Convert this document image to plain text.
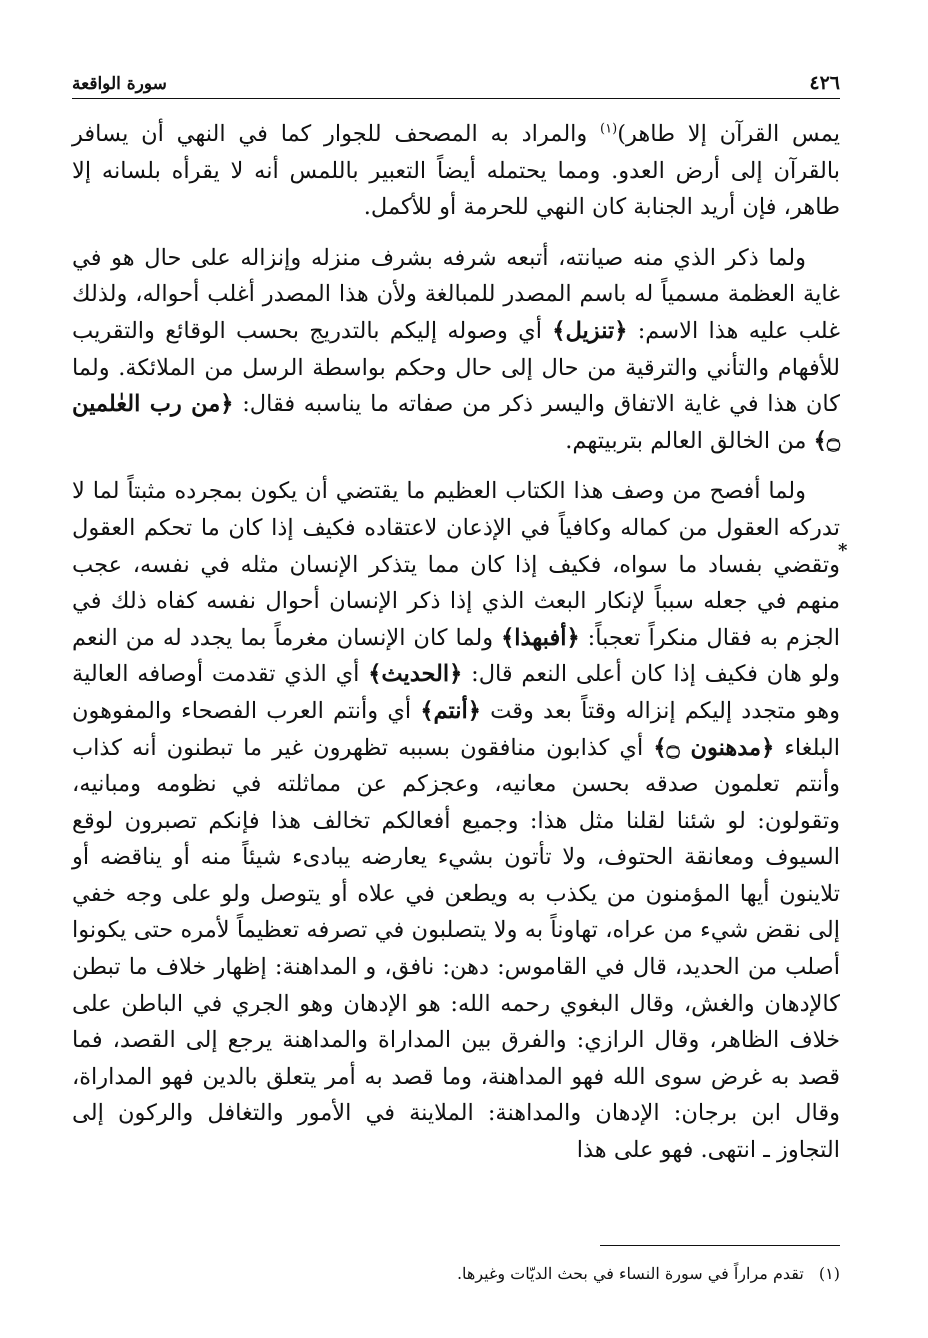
٤٢٦
سورة الواقعة

يمس القرآن إلا طاهر)$^{(١)}$ والمراد به المصحف للجوار كما في النهي أن يسافر بالقرآن إلى أرض العدو. ومما يحتمله أيضاً التعبير باللمس أنه لا يقرأه بلسانه إلا طاهر، فإن أريد الجنابة كان النهي للحرمة أو للأكمل.

ولما ذكر الذي منه صيانته، أتبعه شرفه بشرف منزله وإنزاله على حال هو في غاية العظمة مسمياً له باسم المصدر للمبالغة ولأن هذا المصدر أغلب أحواله، ولذلك غلب عليه هذا الاسم: ﴿تنزيل﴾ أي وصوله إليكم بالتدريج بحسب الوقائع والتقريب للأفهام والتأني والترقية من حال إلى حال وحكم بواسطة الرسل من الملائكة. ولما كان هذا في غاية الاتفاق واليسر ذكر من صفاته ما يناسبه فقال: ﴿من رب العٰلمين ۝﴾ من الخالق العالم بتربيتهم.

ولما أفصح من وصف هذا الكتاب العظيم ما يقتضي أن يكون بمجرده مثبتاً لما لا تدركه العقول من كماله وكافياً في الإذعان لاعتقاده فكيف إذا كان ما تحكم العقول وتقضي بفساد ما سواه، فكيف إذا كان مما يتذكر الإنسان مثله في نفسه، عجب منهم في جعله سبباً لإنكار البعث الذي إذا ذكر الإنسان أحوال نفسه كفاه ذلك في الجزم به فقال منكراً تعجباً: ﴿أفبهذا﴾ ولما كان الإنسان مغرماً بما يجدد له من النعم ولو هان فكيف إذا كان أعلى النعم قال: ﴿الحديث﴾ أي الذي تقدمت أوصافه العالية وهو متجدد إليكم إنزاله وقتاً بعد وقت ﴿أنتم﴾ أي وأنتم العرب الفصحاء والمفوهون البلغاء ﴿مدهنون ۝﴾ أي كذابون منافقون بسببه تظهرون غير ما تبطنون أنه كذاب وأنتم تعلمون صدقه بحسن معانيه، وعجزكم عن مماثلته في نظومه ومبانيه، وتقولون: لو شئنا لقلنا مثل هذا: وجميع أفعالكم تخالف هذا فإنكم تصبرون لوقع السيوف ومعانقة الحتوف، ولا تأتون بشيء يعارضه يبادىء شيئاً منه أو يناقضه أو تلاينون أيها المؤمنون من يكذب به ويطعن في علاه أو يتوصل ولو على وجه خفي إلى نقض شيء من عراه، تهاوناً به ولا يتصلبون في تصرفه تعظيماً لأمره حتى يكونوا أصلب من الحديد، قال في القاموس: دهن: نافق، و المداهنة: إظهار خلاف ما تبطن كالإدهان والغش، وقال البغوي رحمه الله: هو الإدهان وهو الجري في الباطن على خلاف الظاهر، وقال الرازي: والفرق بين المداراة والمداهنة يرجع إلى القصد، فما قصد به غرض سوى الله فهو المداهنة، وما قصد به أمر يتعلق بالدين فهو المداراة، وقال ابن برجان: الإدهان والمداهنة: الملاينة في الأمور والتغافل والركون إلى التجاوز ـ انتهى. فهو على هذا

*
(١) تقدم مراراً في سورة النساء في بحث الديّات وغيرها.
